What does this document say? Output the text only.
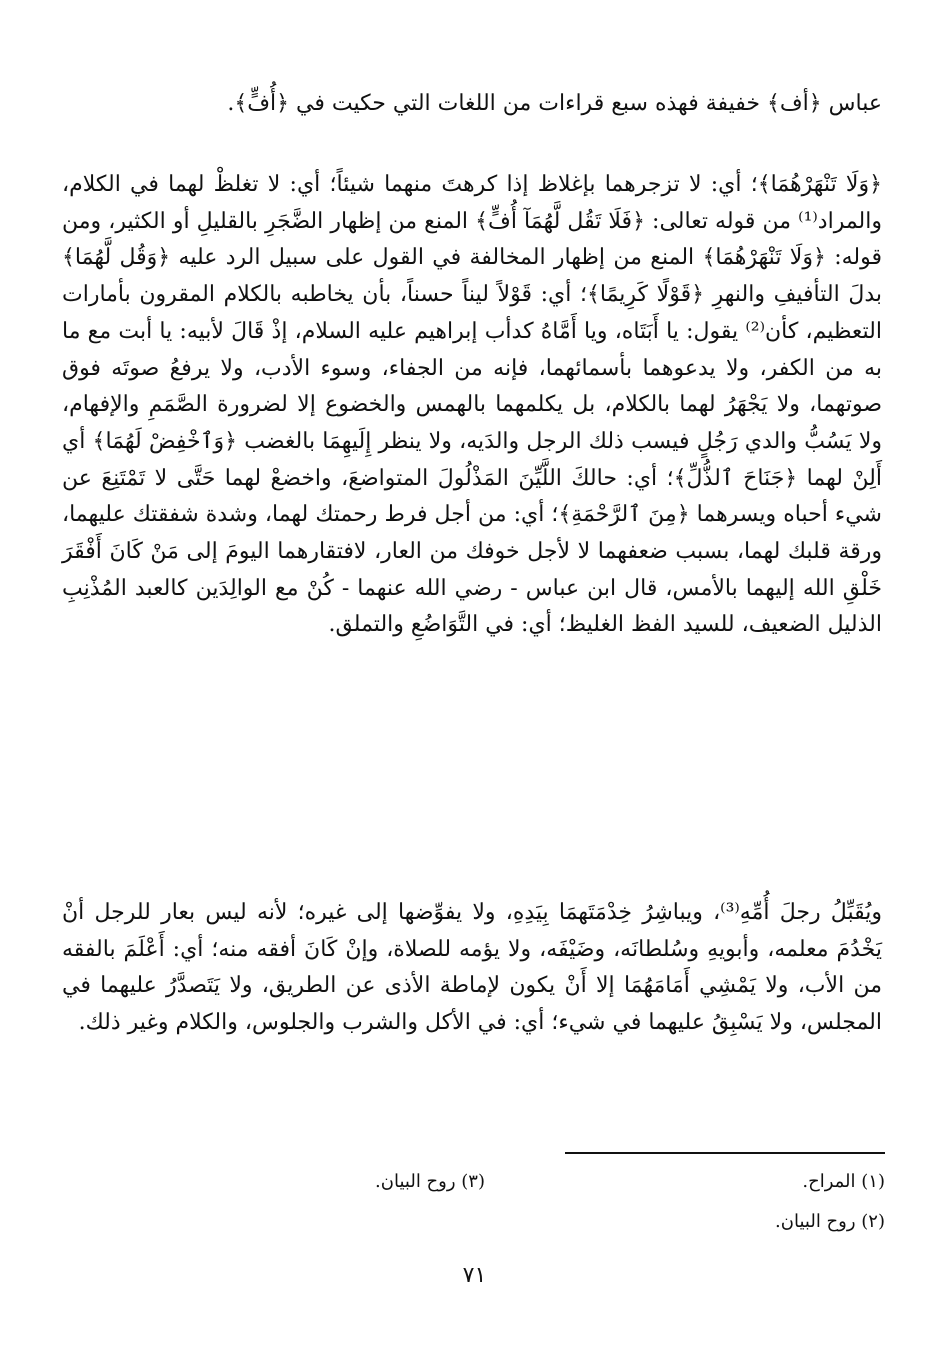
عباس ﴿أف﴾ خفيفة فهذه سبع قراءات من اللغات التي حكيت في ﴿أُفٍّ﴾.

﴿وَلَا تَنْهَرْهُمَا﴾؛ أي: لا تزجرهما بإغلاظ إذا كرهتَ منهما شيئاً؛ أي: لا تغلظْ لهما في الكلام، والمراد⁽¹⁾ من قوله تعالى: ﴿فَلَا تَقُل لَّهُمَآ أُفٍّ﴾ المنع من إظهار الضَّجَرِ بالقليلِ أو الكثير، ومن قوله: ﴿وَلَا تَنْهَرْهُمَا﴾ المنع من إظهار المخالفة في القول على سبيل الرد عليه ﴿وَقُل لَّهُمَا﴾ بدلَ التأفيفِ والنهرِ ﴿قَوْلًا كَرِيمًا﴾؛ أي: قَوْلاً ليناً حسناً، بأن يخاطبه بالكلام المقرون بأمارات التعظيم، كأن⁽²⁾ يقول: يا أَبَتَاه، ويا أَمَّاهُ كدأب إبراهيم عليه السلام، إذْ قَالَ لأبيه: يا أبت مع ما به من الكفر، ولا يدعوهما بأسمائهما، فإنه من الجفاء، وسوء الأدب، ولا يرفعُ صوتَه فوق صوتهما، ولا يَجْهَرُ لهما بالكلام، بل يكلمهما بالهمس والخضوع إلا لضرورة الصَّمَمِ والإفهام، ولا يَسُبُّ والدي رَجُلٍ فيسب ذلك الرجل والدَيه، ولا ينظر إِلَيهِمَا بالغضب ﴿وَٱخْفِضْ لَهُمَا﴾ أي أَلِنْ لهما ﴿جَنَاحَ ٱلذُّلِّ﴾؛ أي: حالكَ اللَّيِّنَ المَذْلُولَ المتواضعَ، واخضعْ لهما حَتَّى لا تَمْتَنِعَ عن شيء أحباه ويسرهما ﴿مِنَ ٱلرَّحْمَةِ﴾؛ أي: من أجل فرط رحمتك لهما، وشدة شفقتك عليهما، ورقة قلبك لهما، بسبب ضعفهما لا لأجل خوفك من العار، لافتقارهما اليومَ إلى مَنْ كَانَ أَفْقَرَ خَلْقِ الله إليهما بالأمس، قال ابن عباس - رضي الله عنهما - كُنْ مع الوالِدَين كالعبد المُذْنِبِ الذليل الضعيف، للسيد الفظ الغليظ؛ أي: في التَّوَاضُعِ والتملق.

ويُقَبِّلُ رجلَ أُمِّهِ⁽³⁾، ويباشِرُ خِدْمَتَهمَا بِيَدِهِ، ولا يفوِّضها إلى غيره؛ لأنه ليس بعار للرجل أنْ يَخْدُمَ معلمه، وأبويهِ وسُلطانَه، وضَيْفَه، ولا يؤمه للصلاة، وإنْ كَانَ أفقه منه؛ أي: أَعْلَمَ بالفقه من الأب، ولا يَمْشِي أَمَامَهُمَا إلا أَنْ يكون لإماطة الأذى عن الطريق، ولا يَتَصدَّرُ عليهما في المجلس، ولا يَسْبِقُ عليهما في شيء؛ أي: في الأكل والشرب والجلوس، والكلام وغير ذلك.

(١) المراح.
(٢) روح البيان.
(٣) روح البيان.
٧١
